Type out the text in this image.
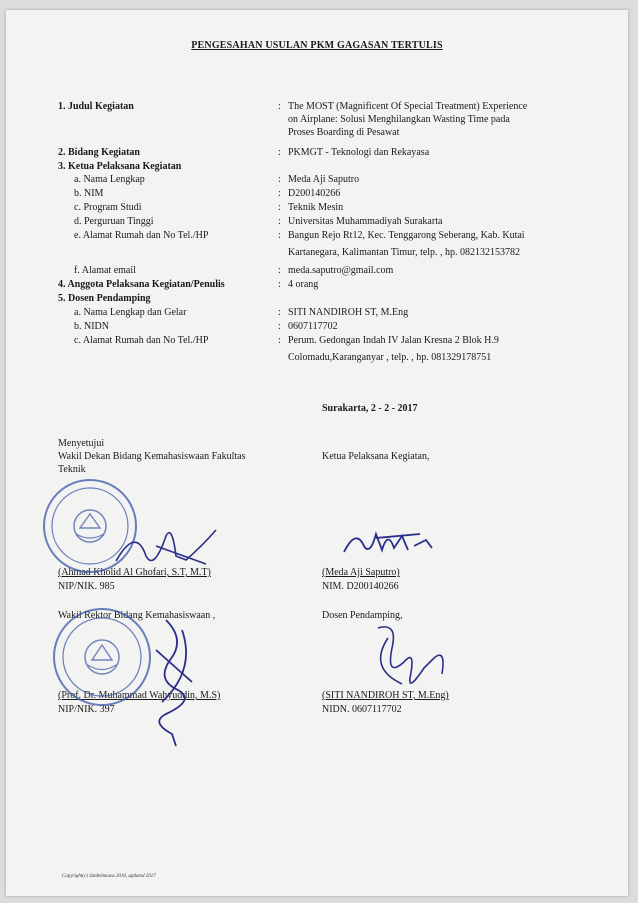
PENGESAHAN USULAN PKM GAGASAN TERTULIS
1. Judul Kegiatan	: The MOST (Magnificent Of Special Treatment) Experience
on Airplane: Solusi Menghilangkan Wasting Time pada
Proses Boarding di Pesawat
2. Bidang Kegiatan	: PKMGT - Teknologi dan Rekayasa
3. Ketua Pelaksana Kegiatan
a. Nama Lengkap	: Meda Aji Saputro
b. NIM	: D200140266
c. Program Studi	: Teknik Mesin
d. Perguruan Tinggi	: Universitas Muhammadiyah Surakarta
e. Alamat Rumah dan No Tel./HP	: Bangun Rejo Rt12, Kec. Tenggarong Seberang, Kab. Kutai
Kartanegara, Kalimantan Timur, telp. , hp. 082132153782
f. Alamat email	: meda.saputro@gmail.com
4. Anggota Pelaksana Kegiatan/Penulis	: 4 orang
5. Dosen Pendamping
a. Nama Lengkap dan Gelar	: SITI NANDIROH ST, M.Eng
b. NIDN	: 0607117702
c. Alamat Rumah dan No Tel./HP	: Perum. Gedongan Indah IV Jalan Kresna 2 Blok H.9
Colomadu,Karanganyar , telp. , hp. 081329178751
Surakarta, 2 - 2 - 2017
Menyetujui
Wakil Dekan Bidang Kemahasiswaan Fakultas
Teknik
Ketua Pelaksana Kegiatan,
(Ahmad Kholid Al Ghofari, S.T, M.T)
NIP/NIK. 985
(Meda Aji Saputro)
NIM. D200140266
Wakil Rektor Bidang Kemahasiswaan ,	Dosen Pendamping,
(Prof. Dr. Muhammad Wahyuddin, M.S)
NIP/NIK. 397
(SITI NANDIROH ST, M.Eng)
NIDN. 0607117702
Copyright(c) Simbelmawa 2016, updated 2017
